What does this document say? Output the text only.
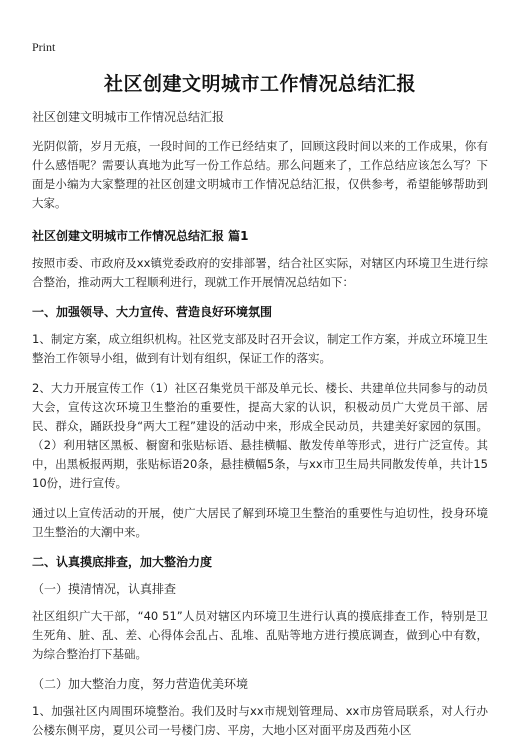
Print
社区创建文明城市工作情况总结汇报
社区创建文明城市工作情况总结汇报

光阴似箭，岁月无痕，一段时间的工作已经结束了，回顾这段时间以来的工作成果，你有什么感悟呢？需要认真地为此写一份工作总结。那么问题来了，工作总结应该怎么写？下面是小编为大家整理的社区创建文明城市工作情况总结汇报，仅供参考，希望能够帮助到大家。

社区创建文明城市工作情况总结汇报 篇1

按照市委、市政府及xx镇党委政府的安排部署，结合社区实际，对辖区内环境卫生进行综合整治，推动两大工程顺利进行，现就工作开展情况总结如下：

一、加强领导、大力宣传、营造良好环境氛围

1、制定方案，成立组织机构。社区党支部及时召开会议，制定工作方案，并成立环境卫生整治工作领导小组，做到有计划有组织，保证工作的落实。

2、大力开展宣传工作（1）社区召集党员干部及单元长、楼长、共建单位共同参与的动员大会，宣传这次环境卫生整治的重要性，提高大家的认识，积极动员广大党员干部、居民、群众，踊跃投身“两大工程”建设的活动中来，形成全民动员，共建美好家园的氛围。（2）利用辖区黑板、橱窗和张贴标语、悬挂横幅、散发传单等形式，进行广泛宣传。其中，出黑板报两期，张贴标语20条，悬挂横幅5条，与xx市卫生局共同散发传单，共计1510份，进行宣传。

通过以上宣传活动的开展，使广大居民了解到环境卫生整治的重要性与迫切性，投身环境卫生整治的大潮中来。

二、认真摸底排查，加大整治力度
（一）摸清情况，认真排查

社区组织广大干部，“40 51”人员对辖区内环境卫生进行认真的摸底排查工作，特别是卫生死角、脏、乱、差、心得体会乱占、乱堆、乱贴等地方进行摸底调查，做到心中有数，为综合整治打下基础。

（二）加大整治力度，努力营造优美环境

1、加强社区内周围环境整治。我们及时与xx市规划管理局、xx市房管局联系，对人行办公楼东侧平房，夏贝公司一号楼门房、平房，大地小区对面平房及西苑小区
